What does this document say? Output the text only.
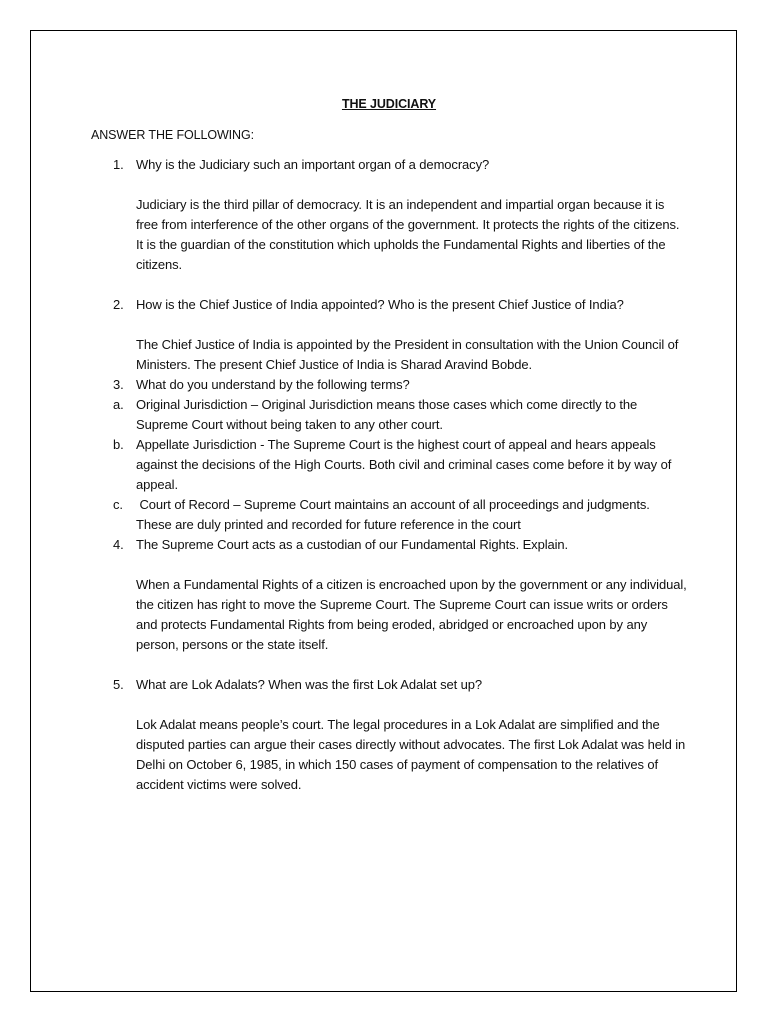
THE JUDICIARY
ANSWER THE FOLLOWING:
1. Why is the Judiciary such an important organ of a democracy?

Judiciary is the third pillar of democracy. It is an independent and impartial organ because it is free from interference of the other organs of the government. It protects the rights of the citizens. It is the guardian of the constitution which upholds the Fundamental Rights and liberties of the citizens.

2. How is the Chief Justice of India appointed? Who is the present Chief Justice of India?

The Chief Justice of India is appointed by the President in consultation with the Union Council of Ministers. The present Chief Justice of India is Sharad Aravind Bobde.

3. What do you understand by the following terms?

a. Original Jurisdiction – Original Jurisdiction means those cases which come directly to the Supreme Court without being taken to any other court.

b. Appellate Jurisdiction - The Supreme Court is the highest court of appeal and hears appeals against the decisions of the High Courts. Both civil and criminal cases come before it by way of appeal.

c.	Court of Record – Supreme Court maintains an account of all proceedings and judgments. These are duly printed and recorded for future reference in the court

4. The Supreme Court acts as a custodian of our Fundamental Rights. Explain.

When a Fundamental Rights of a citizen is encroached upon by the government or any individual, the citizen has right to move the Supreme Court. The Supreme Court can issue writs or orders and protects Fundamental Rights from being eroded, abridged or encroached upon by any person, persons or the state itself.

5. What are Lok Adalats? When was the first Lok Adalat set up?

Lok Adalat means people’s court. The legal procedures in a Lok Adalat are simplified and the disputed parties can argue their cases directly without advocates. The first Lok Adalat was held in Delhi on October 6, 1985, in which 150 cases of payment of compensation to the relatives of accident victims were solved.
